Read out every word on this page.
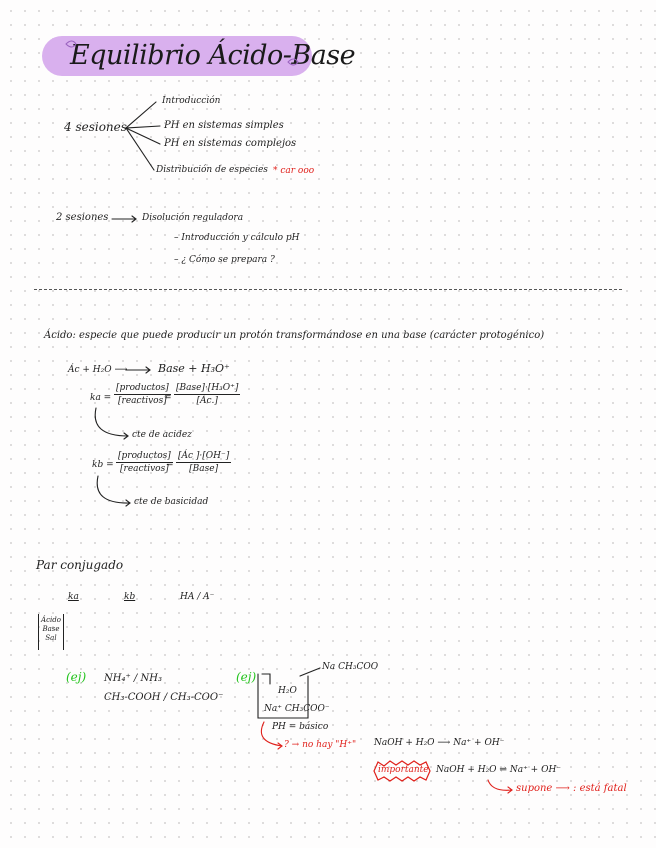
Equilibrio Ácido-Base
4 sesiones
Introducción
PH en sistemas simples
PH en sistemas complejos
Distribución de especies * car ooo
2 sesiones	Disolución reguladora
– Introducción y cálculo pH
– ¿ Cómo se prepara ?
Ácido: especie que puede producir un protón transformándose en una base (carácter protogénico)
Ác + H₂O ⟶	Base + H₃O⁺
ka =
[productos]
[reactivos]
=
[Base]·[H₃O⁺]
[Ác.]
cte de acidez
kb =
[productos]
[reactivos]
=
[Ác ]·[OH⁻]
[Base]
cte de basicidad
Par conjugado
ka	kb	HA / A⁻
Ácido
Base
Sal
(ej) NH₄⁺ / NH₃
CH₃-COOH / CH₃-COO⁻
(ej)
Na CH₃COO
H₂O
Na⁺ CH₃COO⁻
PH = básico
? → no hay "H⁺" NaOH + H₂O ⟶ Na⁺ + OH⁻
importante NaOH + H₂O ⇌ Na⁺ + OH⁻
supone ⟶ : está fatal
